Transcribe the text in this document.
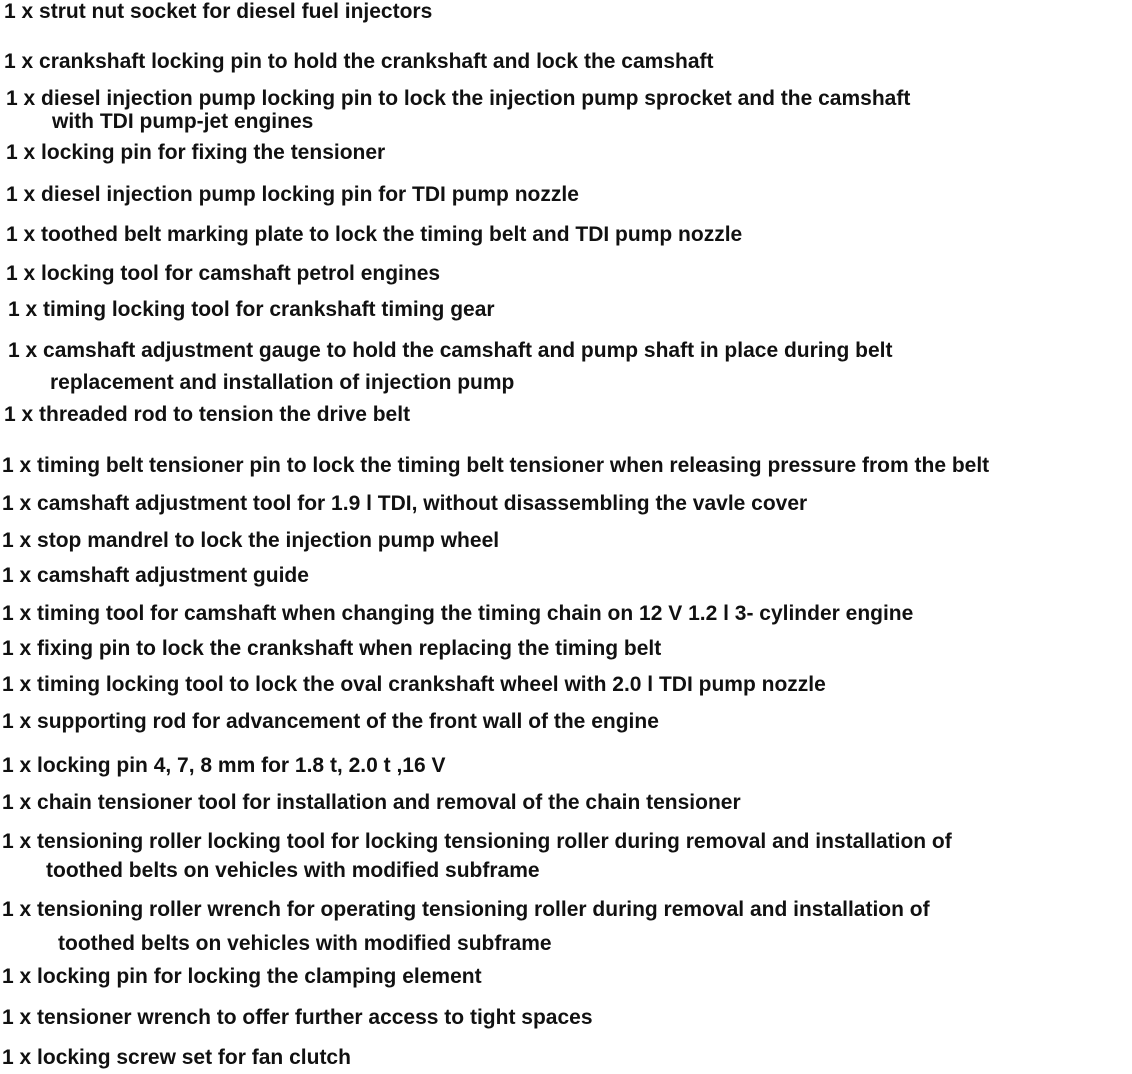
1 x strut nut socket for diesel fuel injectors
1 x crankshaft locking pin to hold the crankshaft and lock the camshaft
1 x diesel injection pump locking pin to lock the injection pump sprocket and the camshaft
with TDI pump-jet engines
1 x locking pin for fixing the tensioner
1 x diesel injection pump locking pin for TDI pump nozzle
1 x toothed belt marking plate to lock the timing belt and TDI pump nozzle
1 x locking tool for camshaft petrol engines
1 x timing locking tool for crankshaft timing gear
1 x camshaft adjustment gauge to hold the camshaft and pump shaft in place during belt
replacement and installation of injection pump
1 x threaded rod to tension the drive belt
1 x timing belt tensioner pin to lock the timing belt tensioner when releasing pressure from the belt
1 x camshaft adjustment tool for 1.9 l TDI, without disassembling the vavle cover
1 x stop mandrel to lock the injection pump wheel
1 x camshaft adjustment guide
1 x timing tool for camshaft when changing the timing chain on 12 V 1.2 l 3- cylinder engine
1 x fixing pin to lock the crankshaft when replacing the timing belt
1 x timing locking tool to lock the oval crankshaft wheel with 2.0 l TDI pump nozzle
1 x supporting rod for advancement of the front wall of the engine
1 x locking pin 4, 7, 8 mm for 1.8 t, 2.0 t ,16 V
1 x chain tensioner tool for installation and removal of the chain tensioner
1 x tensioning roller locking tool for locking tensioning roller during removal and installation of
toothed belts on vehicles with modified subframe
1 x tensioning roller wrench for operating tensioning roller during removal and installation of
toothed belts on vehicles with modified subframe
1 x locking pin for locking the clamping element
1 x tensioner wrench to offer further access to tight spaces
1 x locking screw set for fan clutch
